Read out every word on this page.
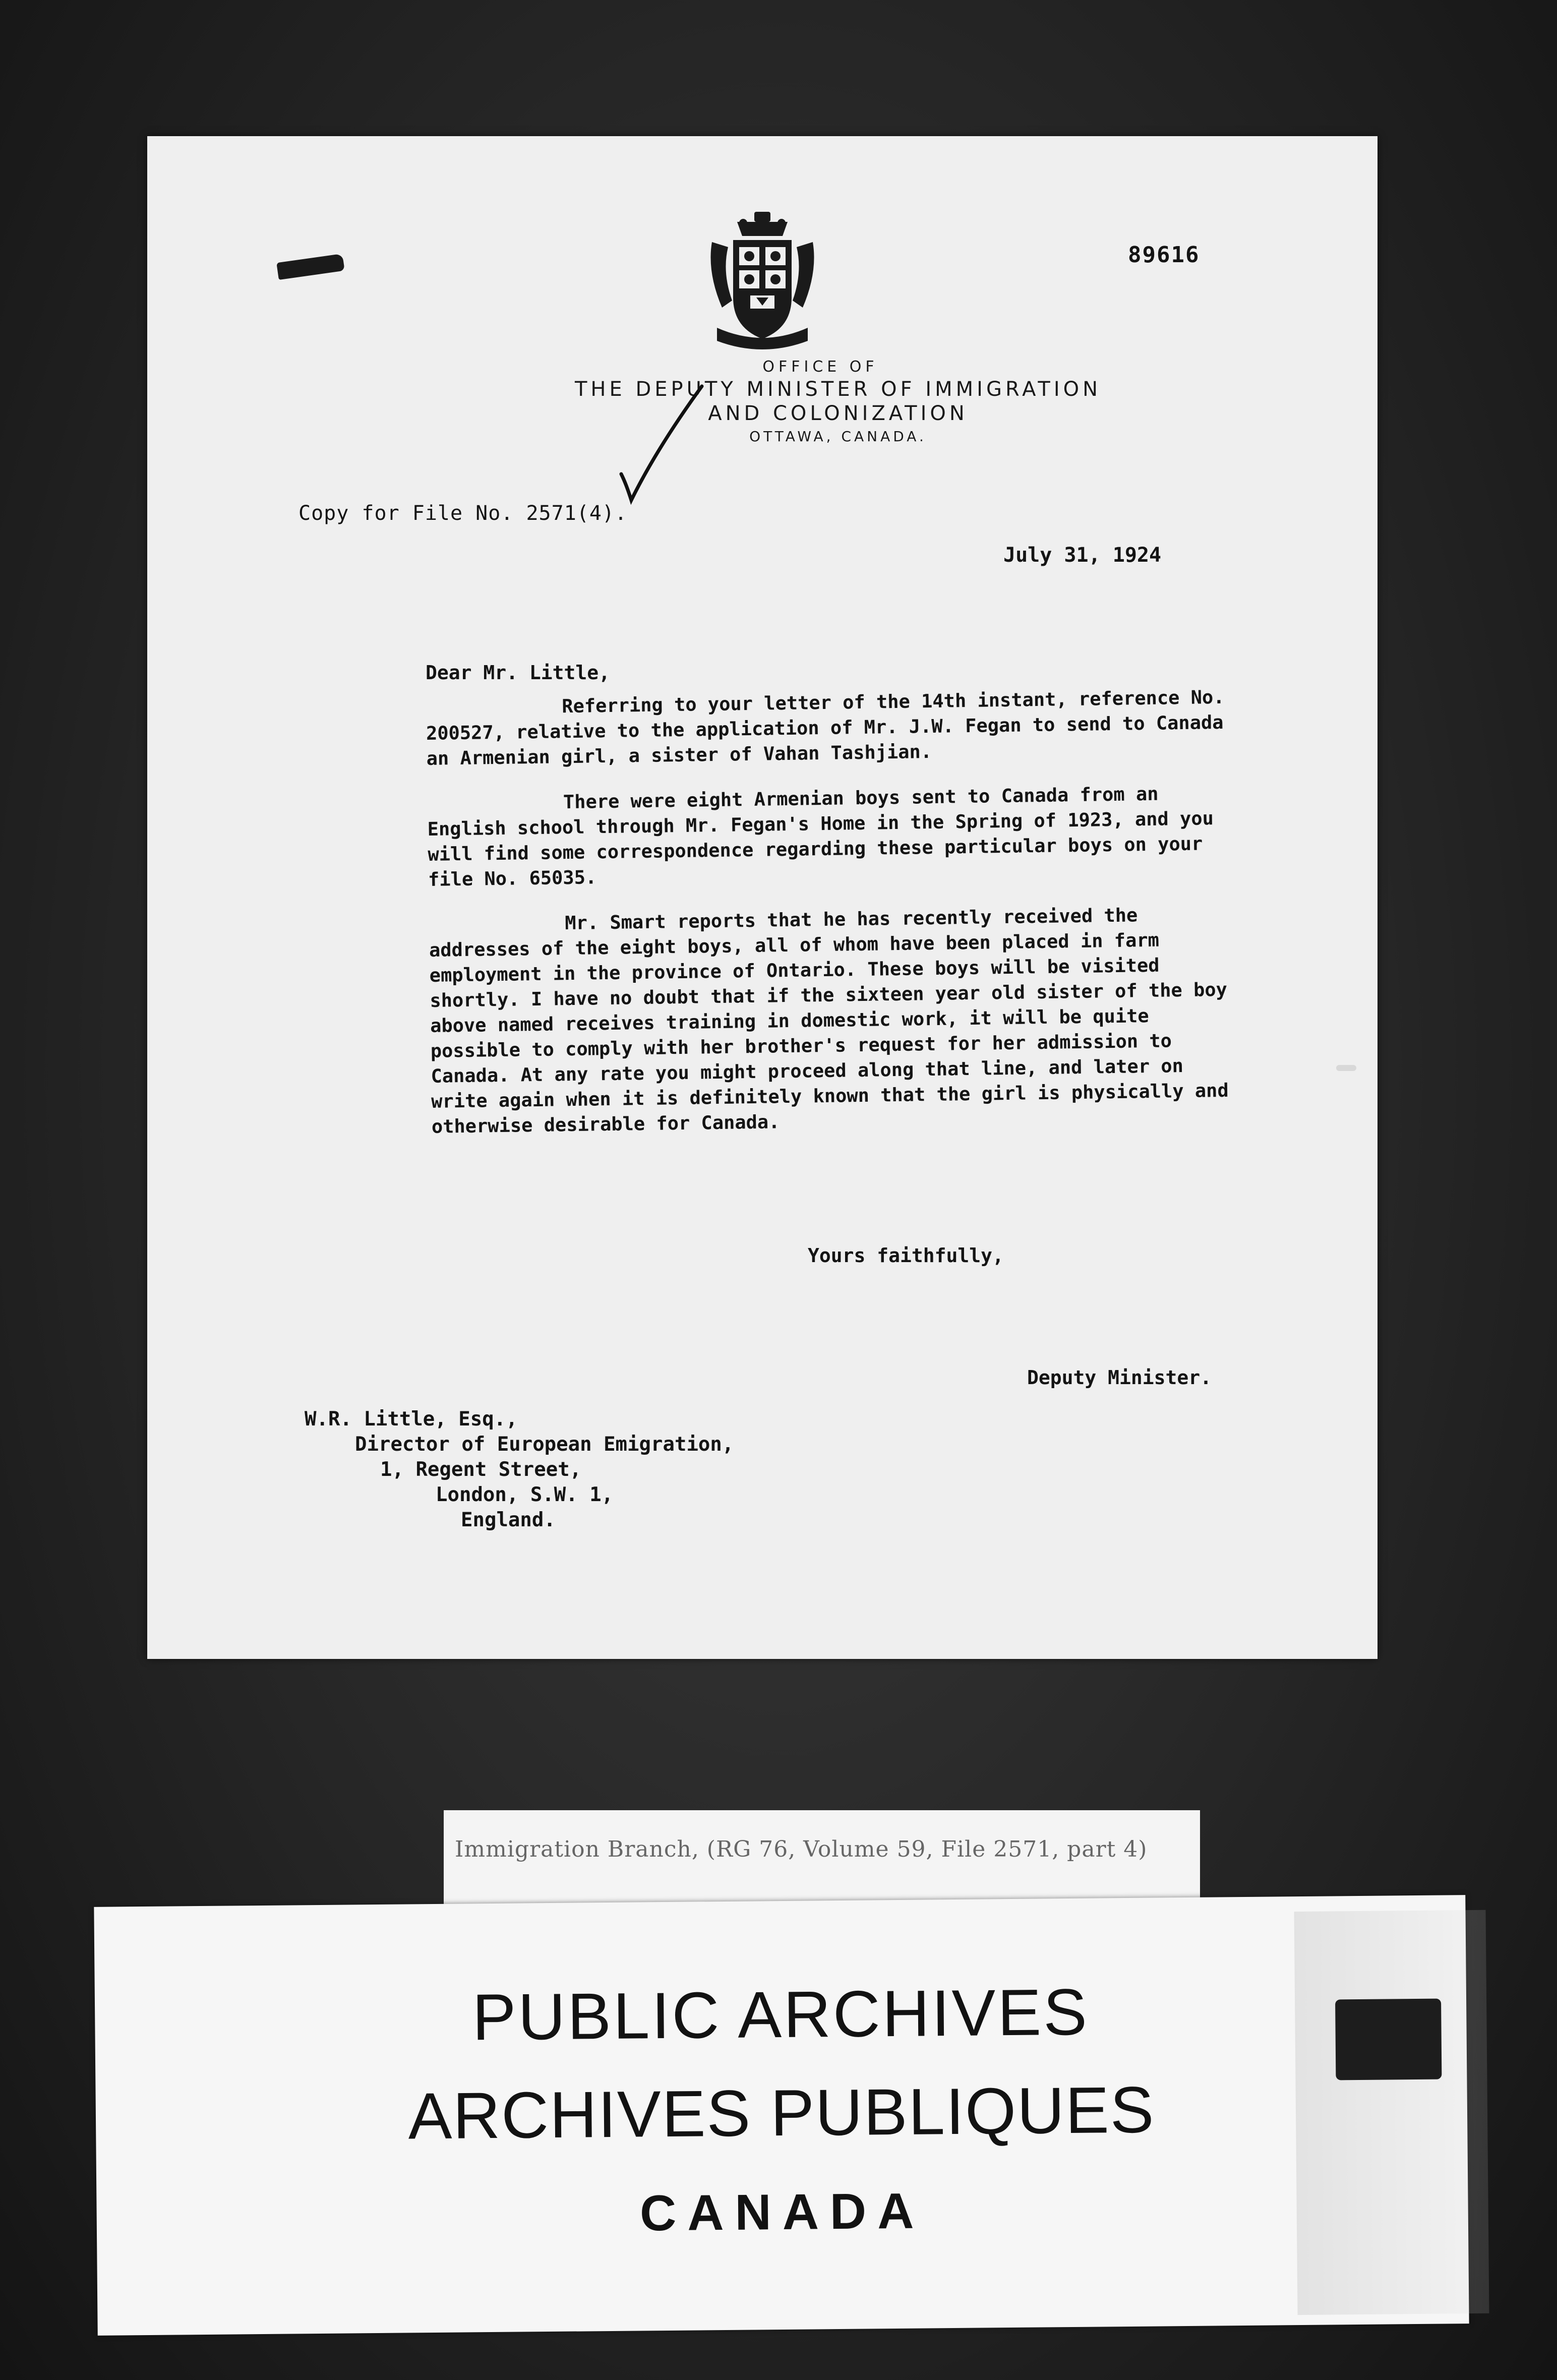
89616
OFFICE OF
THE DEPUTY MINISTER OF IMMIGRATION
AND COLONIZATION
OTTAWA, CANADA.
Copy for File No. 2571(4).
July 31, 1924
Dear Mr. Little,

Referring to your letter of the 14th instant, reference No. 200527, relative to the application of Mr. J.W. Fegan to send to Canada an Armenian girl, a sister of Vahan Tashjian.

There were eight Armenian boys sent to Canada from an English school through Mr. Fegan's Home in the Spring of 1923, and you will find some correspondence regarding these particular boys on your file No. 65035.

Mr. Smart reports that he has recently received the addresses of the eight boys, all of whom have been placed in farm employment in the province of Ontario. These boys will be visited shortly. I have no doubt that if the sixteen year old sister of the boy above named receives training in domestic work, it will be quite possible to comply with her brother's request for her admission to Canada. At any rate you might proceed along that line, and later on write again when it is definitely known that the girl is physically and otherwise desirable for Canada.

Yours faithfully,
Deputy Minister.
W.R. Little, Esq.,
Director of European Emigration,
1, Regent Street,
London, S.W. 1,
England.
Immigration Branch, (RG 76, Volume 59, File 2571, part 4)
PUBLIC ARCHIVES
ARCHIVES PUBLIQUES
CANADA
